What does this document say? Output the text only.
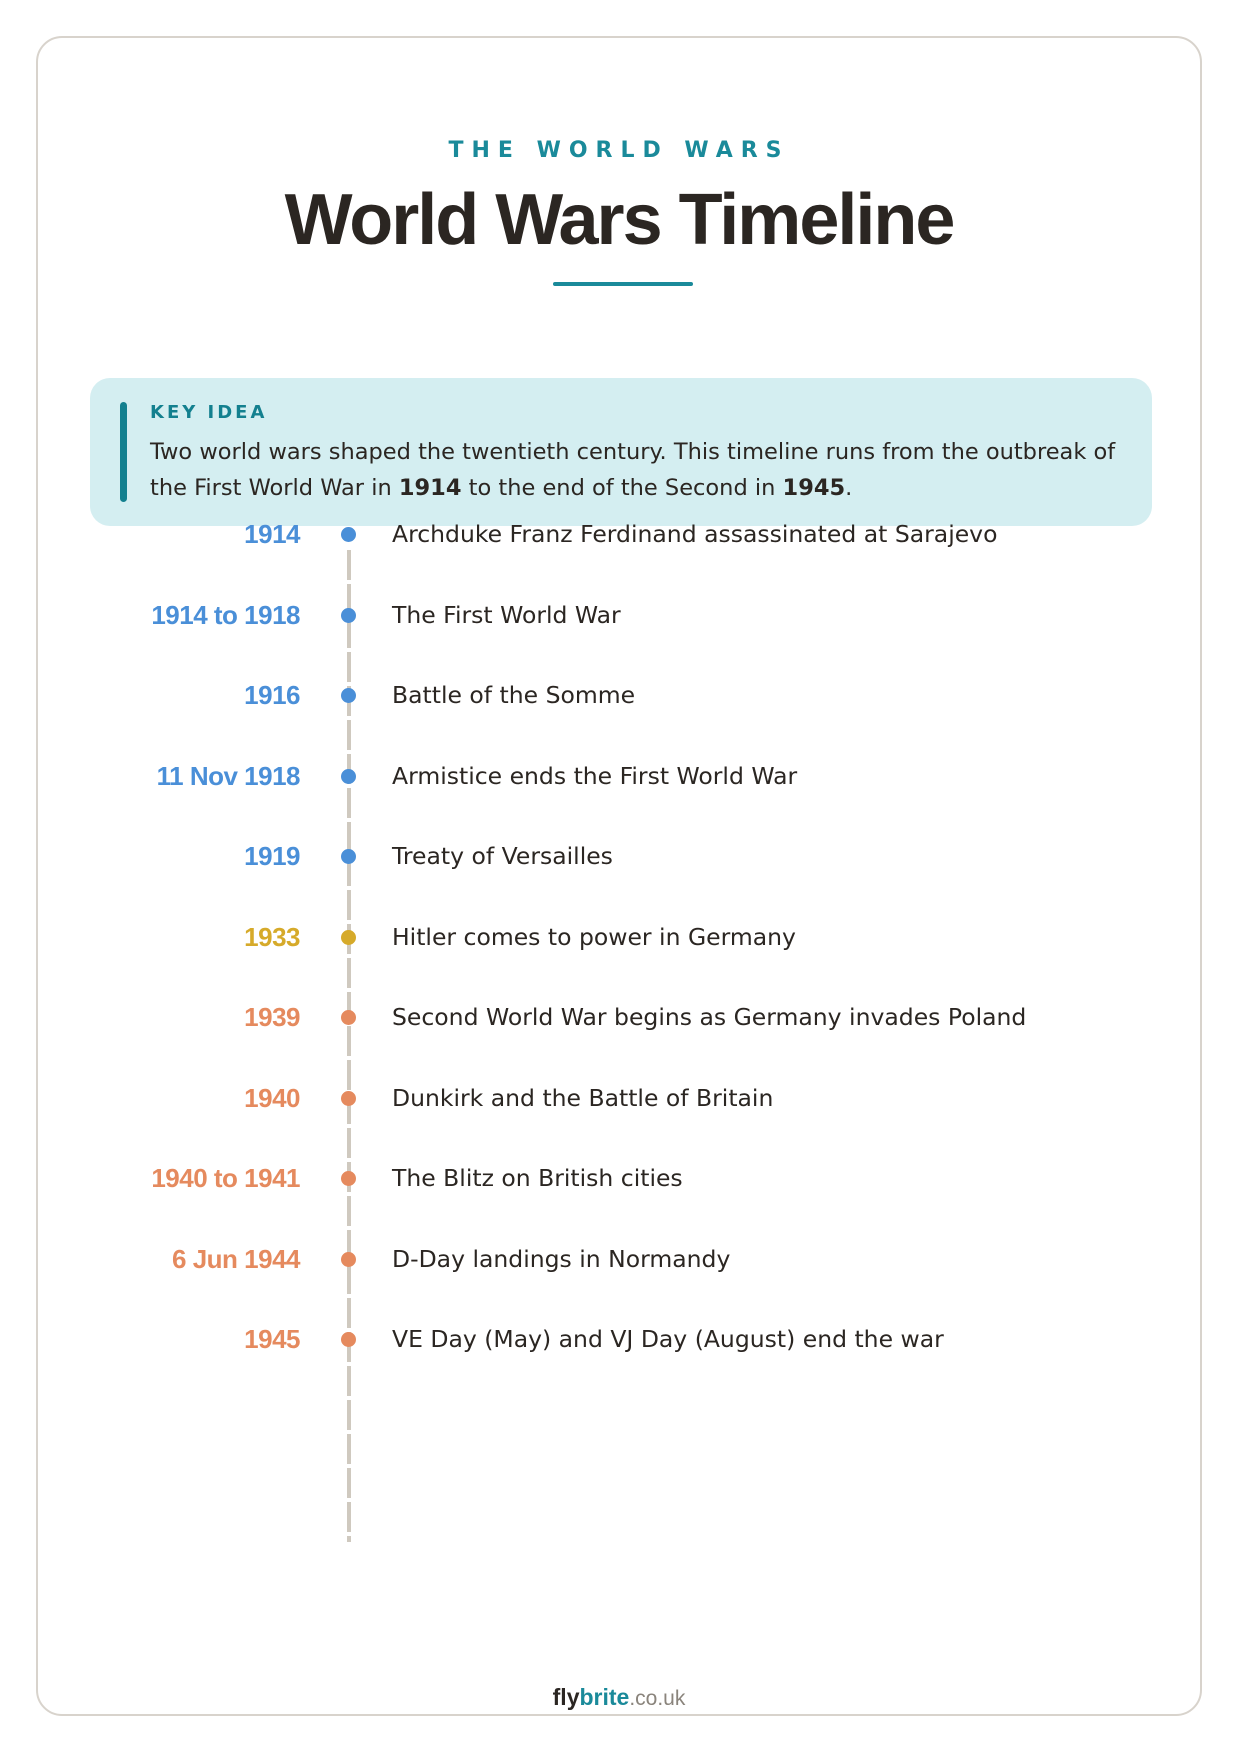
THE WORLD WARS
World Wars Timeline
KEY IDEA
Two world wars shaped the twentieth century. This timeline runs from the outbreak of the First World War in 1914 to the end of the Second in 1945.
1914	Archduke Franz Ferdinand assassinated at Sarajevo
1914 to 1918	The First World War
1916	Battle of the Somme
11 Nov 1918	Armistice ends the First World War
1919	Treaty of Versailles
1933	Hitler comes to power in Germany
1939	Second World War begins as Germany invades Poland
1940	Dunkirk and the Battle of Britain
1940 to 1941	The Blitz on British cities
6 Jun 1944	D-Day landings in Normandy
1945	VE Day (May) and VJ Day (August) end the war
flybrite.co.uk
